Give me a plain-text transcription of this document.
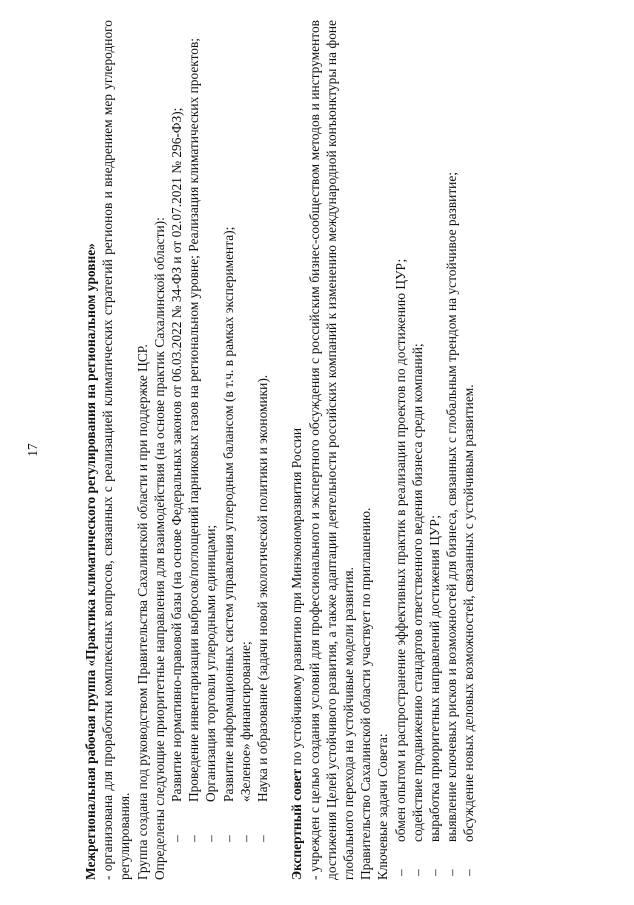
17	Межрегиональная рабочая группа «Практика климатического регулирования на региональном уровне» - организована для проработки комплексных вопросов, связанных с реализацией климатических стратегий регионов и внедрением мер углеродного регулирования. Группа создана под руководством Правительства Сахалинской области и при поддержке ЦСР. Определены следующие приоритетные направления для взаимодействия (на основе практик Сахалинской области): –
Развитие нормативно-правовой базы (на основе Федеральных законов от 06.03.2022 № 34-ФЗ и от 02.07.2021 № 296-ФЗ);
–
Проведение инвентаризации выбросов/поглощений парниковых газов на региональном уровне; Реализация климатических проектов;
–
Организация торговли углеродными единицами;
–
Развитие информационных систем управления углеродным балансом (в т.ч. в рамках эксперимента);
–
«Зеленое» финансирование;
–
Наука и образование (задачи новой экологической политики и экономики).

Экспертный совет по устойчивому развитию при Минэкономразвития России - учрежден с целью создания условий для профессионального и экспертного обсуждения с российским бизнес-сообществом методов и инструментов достижения Целей устойчивого развития, а также адаптации деятельности российских компаний к изменению международной конъюнктуры на фоне глобального перехода на устойчивые модели развития. Правительство Сахалинской области участвует по приглашению. Ключевые задачи Совета: –
обмен опытом и распространение эффективных практик в реализации проектов по достижению ЦУР;
–
содействие продвижению стандартов ответственного ведения бизнеса среди компаний;
–
выработка приоритетных направлений достижения ЦУР;
–
выявление ключевых рисков и возможностей для бизнеса, связанных с глобальным трендом на устойчивое развитие;
–
обсуждение новых деловых возможностей, связанных с устойчивым развитием.
